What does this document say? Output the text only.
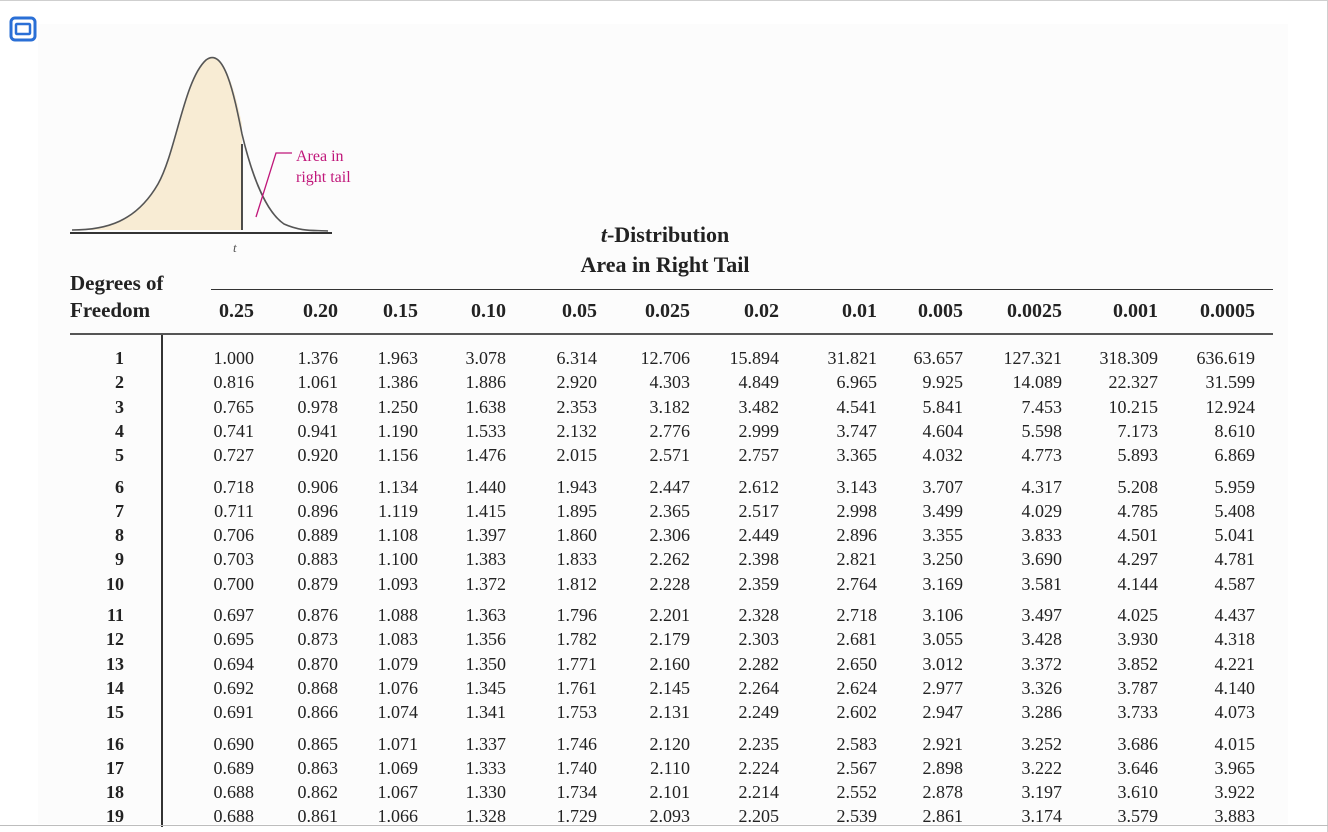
Area in
right tail
t
t-Distribution
Area in Right Tail
Degrees of
Freedom	0.25	0.20	0.15	0.10	0.05	0.025	0.02	0.01	0.005	0.0025	0.001	0.0005
1	1.000	1.376	1.963	3.078	6.314	12.706	15.894	31.821	63.657	127.321	318.309	636.619
2	0.816	1.061	1.386	1.886	2.920	4.303	4.849	6.965	9.925	14.089	22.327	31.599
3	0.765	0.978	1.250	1.638	2.353	3.182	3.482	4.541	5.841	7.453	10.215	12.924
4	0.741	0.941	1.190	1.533	2.132	2.776	2.999	3.747	4.604	5.598	7.173	8.610
5	0.727	0.920	1.156	1.476	2.015	2.571	2.757	3.365	4.032	4.773	5.893	6.869
6	0.718	0.906	1.134	1.440	1.943	2.447	2.612	3.143	3.707	4.317	5.208	5.959
7	0.711	0.896	1.119	1.415	1.895	2.365	2.517	2.998	3.499	4.029	4.785	5.408
8	0.706	0.889	1.108	1.397	1.860	2.306	2.449	2.896	3.355	3.833	4.501	5.041
9	0.703	0.883	1.100	1.383	1.833	2.262	2.398	2.821	3.250	3.690	4.297	4.781
10	0.700	0.879	1.093	1.372	1.812	2.228	2.359	2.764	3.169	3.581	4.144	4.587
11	0.697	0.876	1.088	1.363	1.796	2.201	2.328	2.718	3.106	3.497	4.025	4.437
12	0.695	0.873	1.083	1.356	1.782	2.179	2.303	2.681	3.055	3.428	3.930	4.318
13	0.694	0.870	1.079	1.350	1.771	2.160	2.282	2.650	3.012	3.372	3.852	4.221
14	0.692	0.868	1.076	1.345	1.761	2.145	2.264	2.624	2.977	3.326	3.787	4.140
15	0.691	0.866	1.074	1.341	1.753	2.131	2.249	2.602	2.947	3.286	3.733	4.073
16	0.690	0.865	1.071	1.337	1.746	2.120	2.235	2.583	2.921	3.252	3.686	4.015
17	0.689	0.863	1.069	1.333	1.740	2.110	2.224	2.567	2.898	3.222	3.646	3.965
18	0.688	0.862	1.067	1.330	1.734	2.101	2.214	2.552	2.878	3.197	3.610	3.922
19	0.688	0.861	1.066	1.328	1.729	2.093	2.205	2.539	2.861	3.174	3.579	3.883
